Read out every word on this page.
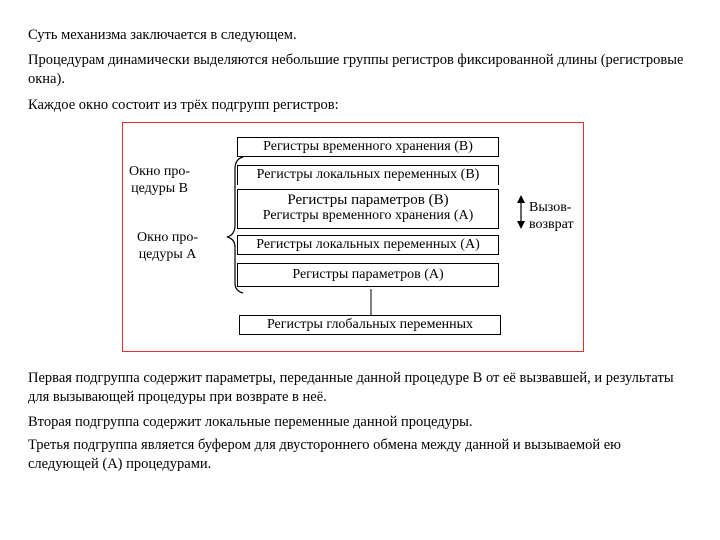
Суть механизма заключается в следующем.

Процедурам динамически выделяются небольшие группы регистров фиксированной длины (регистровые окна).

Каждое окно состоит из трёх подгрупп регистров:

Окно про-
цедуры B
Окно про-
цедуры A
Вызов-
возврат
Регистры временного хранения (B)
Регистры локальных переменных (B)
Регистры параметров (B)
Регистры временного хранения (A)
Регистры локальных переменных (A)
Регистры параметров (A)
Регистры глобальных переменных

Первая подгруппа содержит параметры, переданные данной процедуре B от её вызвавшей, и результаты для вызывающей процедуры при возврате в неё.

Вторая подгруппа содержит локальные переменные данной процедуры.

Третья подгруппа является буфером для двустороннего обмена между данной и вызываемой ею следующей (A) процедурами.
